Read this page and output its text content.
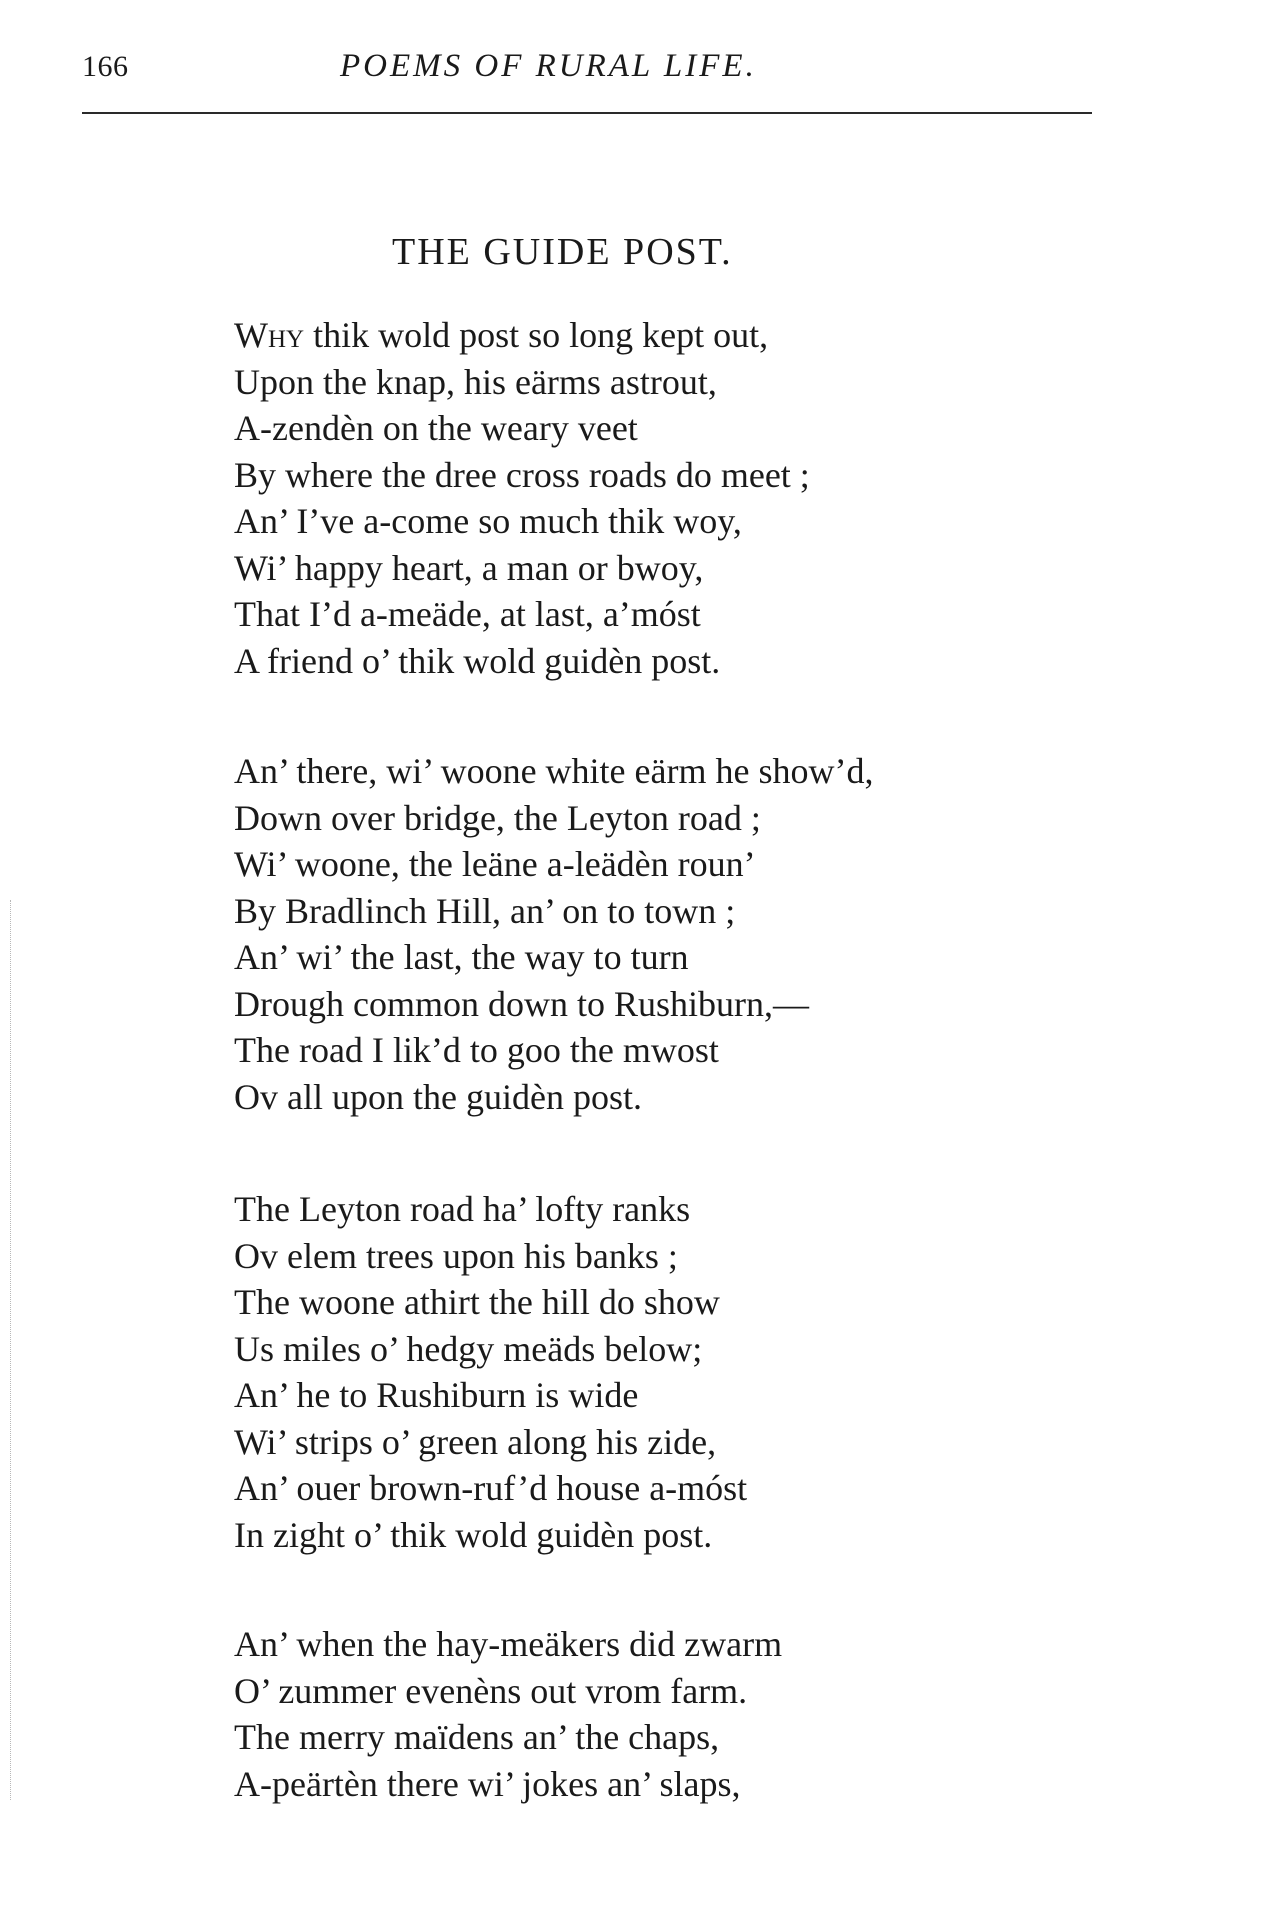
166	POEMS OF RURAL LIFE.
THE GUIDE POST.
Why thik wold post so long kept out,
Upon the knap, his eärms astrout,
A-zendèn on the weary veet
By where the dree cross roads do meet ;
An’ I’ve a-come so much thik woy,
Wi’ happy heart, a man or bwoy,
That I’d a-meäde, at last, a’móst
A friend o’ thik wold guidèn post.
An’ there, wi’ woone white eärm he show’d,
Down over bridge, the Leyton road ;
Wi’ woone, the leäne a-leädèn roun’
By Bradlinch Hill, an’ on to town ;
An’ wi’ the last, the way to turn
Drough common down to Rushiburn,—
The road I lik’d to goo the mwost
Ov all upon the guidèn post.
The Leyton road ha’ lofty ranks
Ov elem trees upon his banks ;
The woone athirt the hill do show
Us miles o’ hedgy meäds below;
An’ he to Rushiburn is wide
Wi’ strips o’ green along his zide,
An’ ouer brown-ruf’d house a-móst
In zight o’ thik wold guidèn post.
An’ when the hay-meäkers did zwarm
O’ zummer evenèns out vrom farm.
The merry maïdens an’ the chaps,
A-peärtèn there wi’ jokes an’ slaps,
